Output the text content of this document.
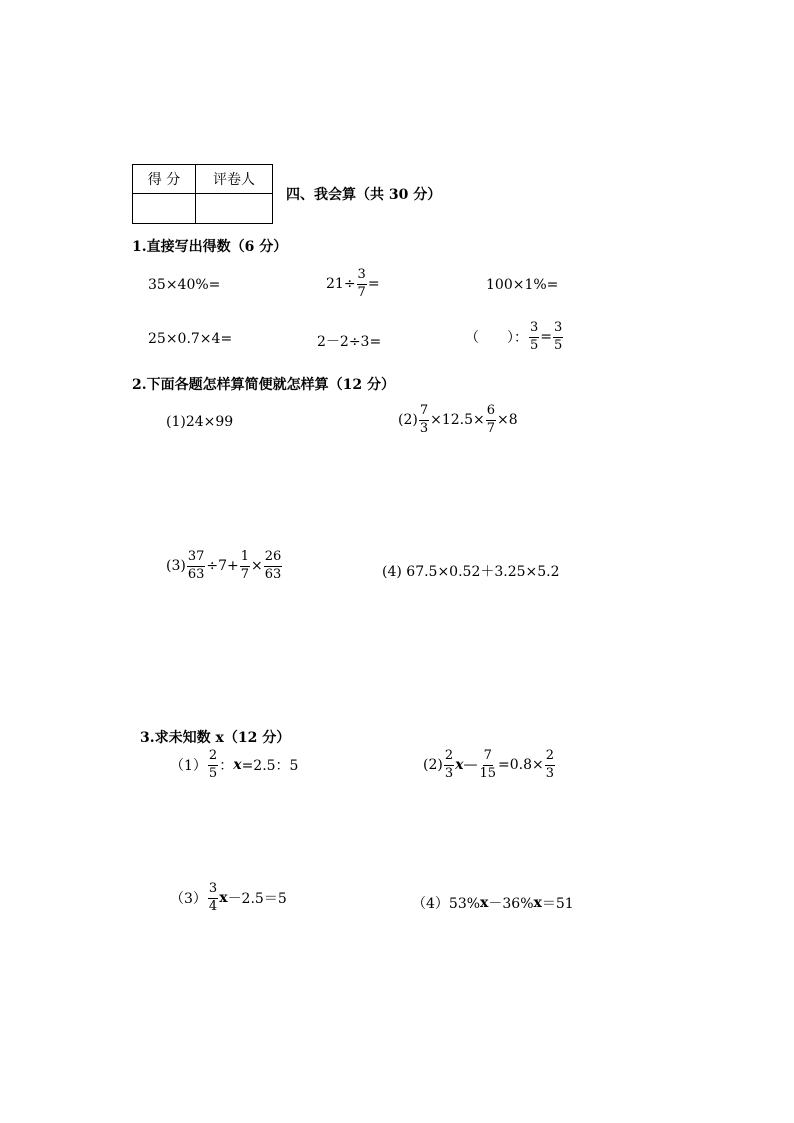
得 分	评卷人

四、我会算（共 30 分）
1.直接写出得数（6 分）
35×40%=	$21\div \frac{3}{7}$ =	100×1%=
25×0.7×4=	2－2÷3=	（　　）： $\frac{3}{5} = \frac{3}{5}$
2.下面各题怎样算简便就怎样算（12 分）
(1)24×99	$(2) \frac{7}{3} \times 12.5\times \frac{6}{7} \times 8$
$(3) \frac{37}{63} \div 7+ \frac{1}{7} \times \frac{26}{63}$	(4) 67.5×0.52＋3.25×5.2
3.求未知数 x（12 分）
$(1) \frac{2}{5}$ ： x =2.5：5	$(2) \frac{2}{3}$ x — $\frac{7}{15} =0.8\times \frac{2}{3}$
$(3) \frac{3}{4}$ x －2.5＝5	（4）53% x －36% x ＝51
